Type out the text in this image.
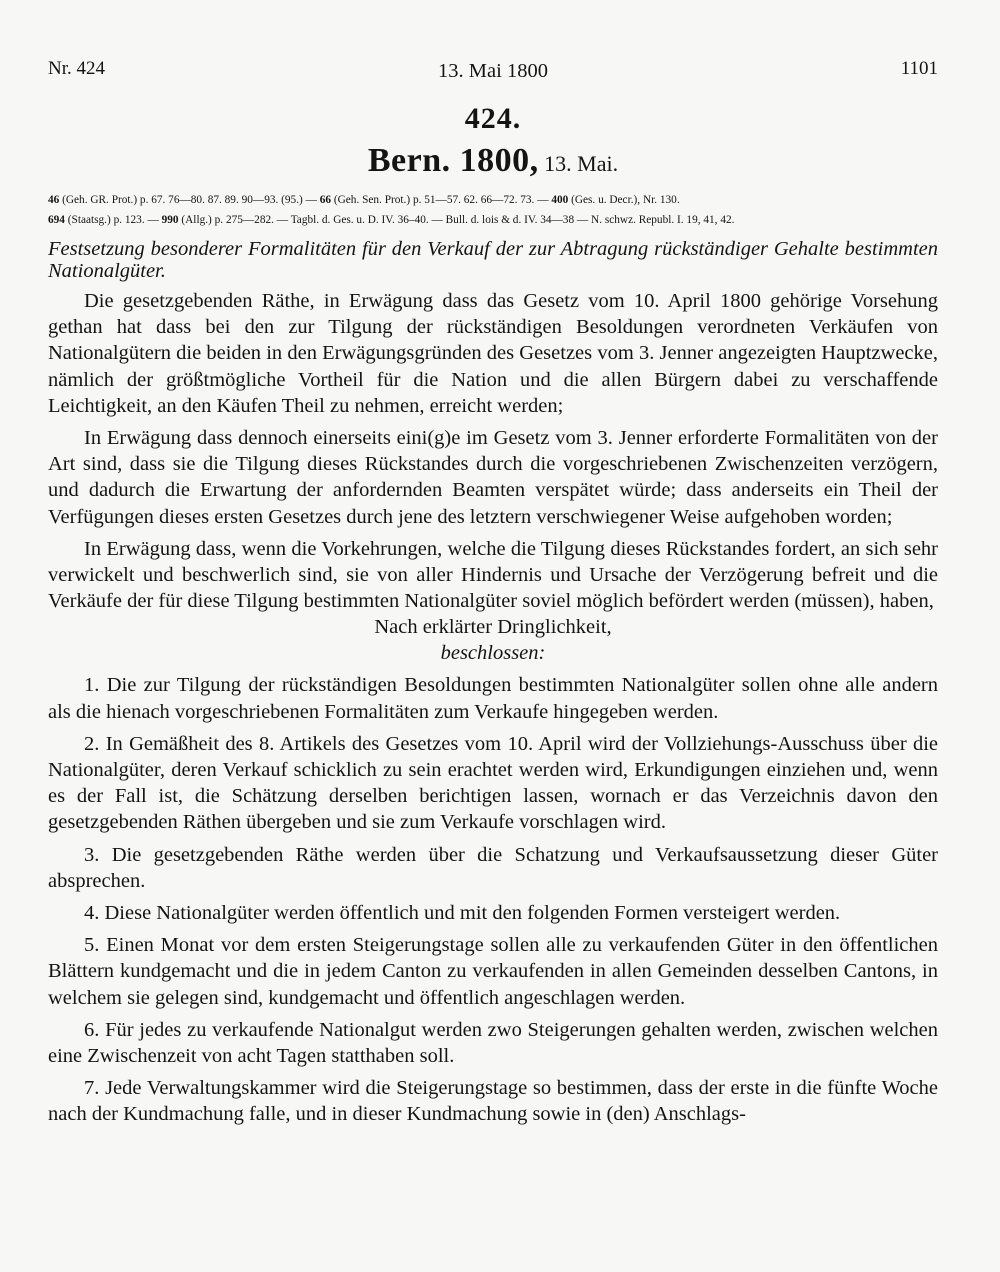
Nr. 424	13. Mai 1800	1101
424.
Bern. 1800, 13. Mai.
46 (Geh. GR. Prot.) p. 67. 76—80. 87. 89. 90—93. (95.) — 66 (Geh. Sen. Prot.) p. 51—57. 62. 66—72. 73. — 400 (Ges. u. Decr.), Nr. 130.
694 (Staatsg.) p. 123. — 990 (Allg.) p. 275—282. — Tagbl. d. Ges. u. D. IV. 36–40. — Bull. d. lois & d. IV. 34—38 — N. schwz. Republ. I. 19, 41, 42.
Festsetzung besonderer Formalitäten für den Verkauf der zur Abtragung rückständiger Gehalte bestimmten Nationalgüter.

Die gesetzgebenden Räthe, in Erwägung dass das Gesetz vom 10. April 1800 gehörige Vorsehung gethan hat dass bei den zur Tilgung der rückständigen Besoldungen verordneten Verkäufen von Nationalgütern die beiden in den Erwägungsgründen des Gesetzes vom 3. Jenner angezeigten Hauptzwecke, nämlich der größtmögliche Vortheil für die Nation und die allen Bürgern dabei zu verschaffende Leichtigkeit, an den Käufen Theil zu nehmen, erreicht werden;

In Erwägung dass dennoch einerseits eini(g)e im Gesetz vom 3. Jenner erforderte Formalitäten von der Art sind, dass sie die Tilgung dieses Rückstandes durch die vorgeschriebenen Zwischenzeiten verzögern, und dadurch die Erwartung der anfordernden Beamten verspätet würde; dass anderseits ein Theil der Verfügungen dieses ersten Gesetzes durch jene des letztern verschwiegener Weise aufgehoben worden;

In Erwägung dass, wenn die Vorkehrungen, welche die Tilgung dieses Rückstandes fordert, an sich sehr verwickelt und beschwerlich sind, sie von aller Hindernis und Ursache der Verzögerung befreit und die Verkäufe der für diese Tilgung bestimmten Nationalgüter soviel möglich befördert werden (müssen), haben,

Nach erklärter Dringlichkeit,
beschlossen:

1. Die zur Tilgung der rückständigen Besoldungen bestimmten Nationalgüter sollen ohne alle andern als die hienach vorgeschriebenen Formalitäten zum Verkaufe hingegeben werden.

2. In Gemäßheit des 8. Artikels des Gesetzes vom 10. April wird der Vollziehungs-Ausschuss über die Nationalgüter, deren Verkauf schicklich zu sein erachtet werden wird, Erkundigungen einziehen und, wenn es der Fall ist, die Schätzung derselben berichtigen lassen, wornach er das Verzeichnis davon den gesetzgebenden Räthen übergeben und sie zum Verkaufe vorschlagen wird.

3. Die gesetzgebenden Räthe werden über die Schatzung und Verkaufsaussetzung dieser Güter absprechen.

4. Diese Nationalgüter werden öffentlich und mit den folgenden Formen versteigert werden.

5. Einen Monat vor dem ersten Steigerungstage sollen alle zu verkaufenden Güter in den öffentlichen Blättern kundgemacht und die in jedem Canton zu verkaufenden in allen Gemeinden desselben Cantons, in welchem sie gelegen sind, kundgemacht und öffentlich angeschlagen werden.

6. Für jedes zu verkaufende Nationalgut werden zwo Steigerungen gehalten werden, zwischen welchen eine Zwischenzeit von acht Tagen statthaben soll.

7. Jede Verwaltungskammer wird die Steigerungstage so bestimmen, dass der erste in die fünfte Woche nach der Kundmachung falle, und in dieser Kundmachung sowie in (den) Anschlags-
